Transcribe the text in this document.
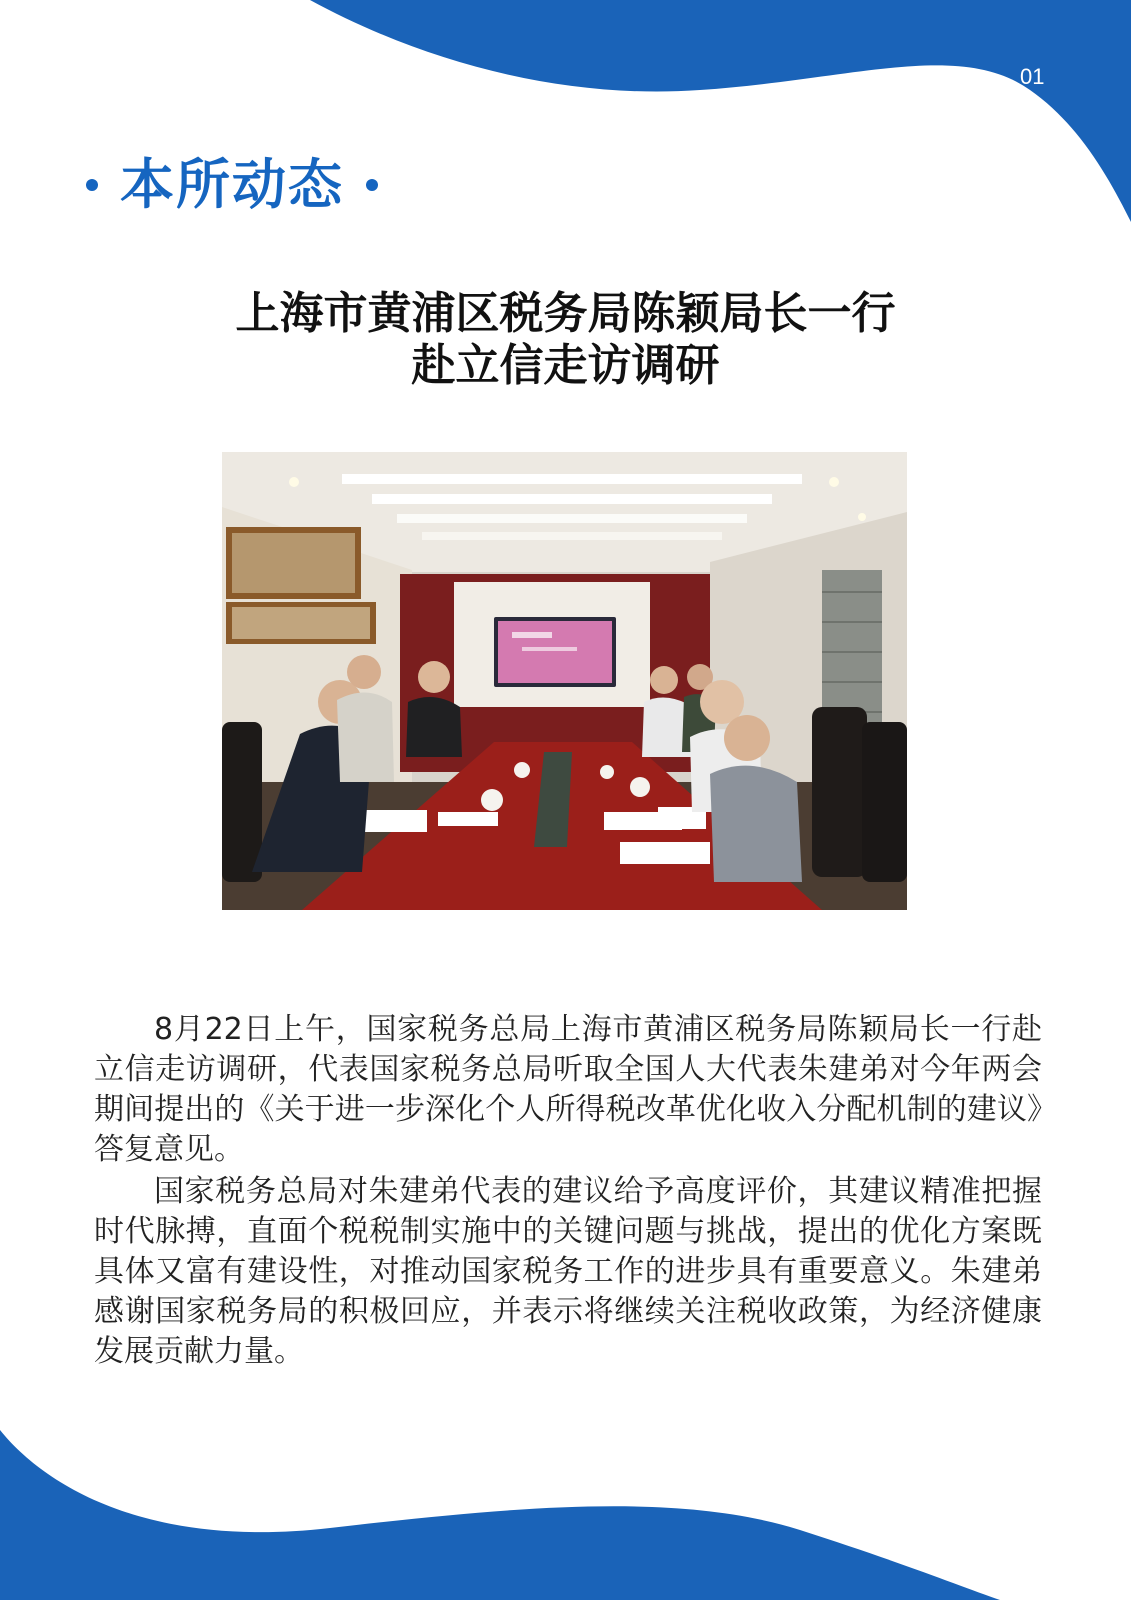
01
本所动态
上海市黄浦区税务局陈颖局长一行
赴立信走访调研

8月22日上午，国家税务总局上海市黄浦区税务局陈颖局长一行赴立信走访调研，代表国家税务总局听取全国人大代表朱建弟对今年两会期间提出的《关于进一步深化个人所得税改革优化收入分配机制的建议》答复意见。

国家税务总局对朱建弟代表的建议给予高度评价，其建议精准把握时代脉搏，直面个税税制实施中的关键问题与挑战，提出的优化方案既具体又富有建设性，对推动国家税务工作的进步具有重要意义。朱建弟感谢国家税务局的积极回应，并表示将继续关注税收政策，为经济健康发展贡献力量。
